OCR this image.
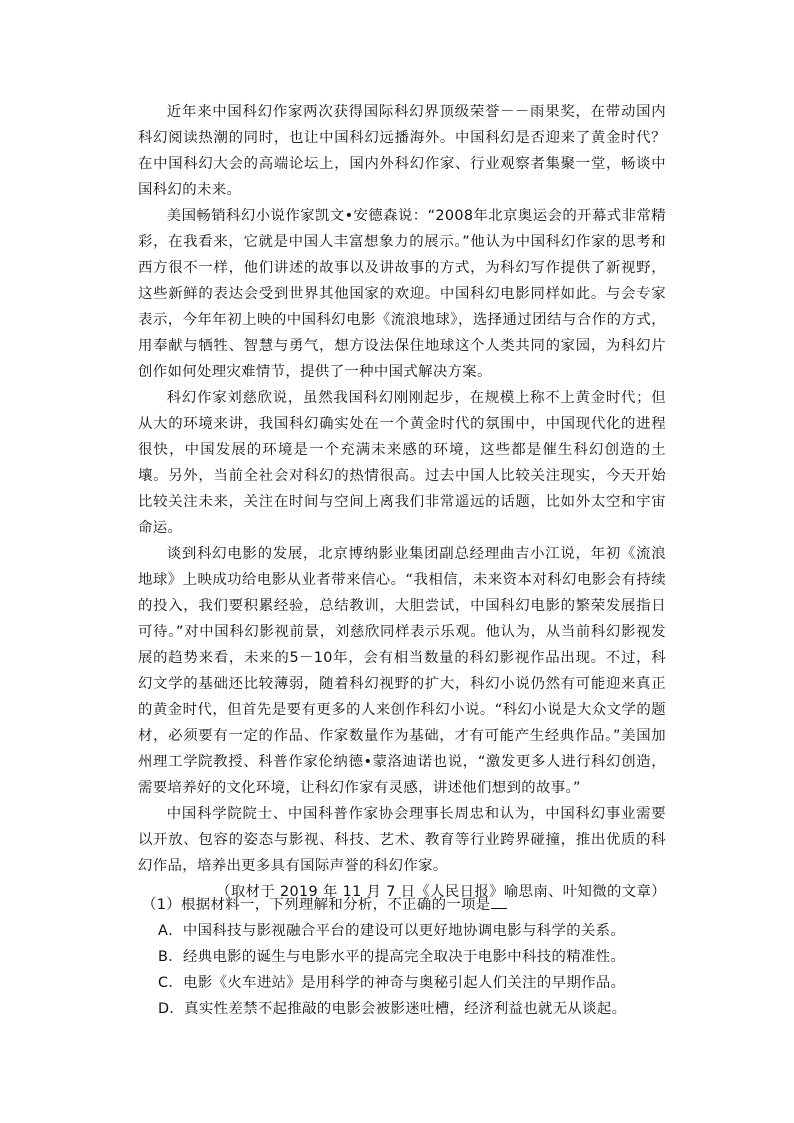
近年来中国科幻作家两次获得国际科幻界顶级荣誉－－雨果奖，在带动国内科幻阅读热潮的同时，也让中国科幻远播海外。中国科幻是否迎来了黄金时代？在中国科幻大会的高端论坛上，国内外科幻作家、行业观察者集聚一堂，畅谈中国科幻的未来。

美国畅销科幻小说作家凯文•安德森说：“2008年北京奥运会的开幕式非常精彩，在我看来，它就是中国人丰富想象力的展示。”他认为中国科幻作家的思考和西方很不一样，他们讲述的故事以及讲故事的方式，为科幻写作提供了新视野，这些新鲜的表达会受到世界其他国家的欢迎。中国科幻电影同样如此。与会专家表示，今年年初上映的中国科幻电影《流浪地球》，选择通过团结与合作的方式，用奉献与牺牲、智慧与勇气，想方设法保住地球这个人类共同的家园，为科幻片创作如何处理灾难情节，提供了一种中国式解决方案。

科幻作家刘慈欣说，虽然我国科幻刚刚起步，在规模上称不上黄金时代；但从大的环境来讲，我国科幻确实处在一个黄金时代的氛围中，中国现代化的进程很快，中国发展的环境是一个充满未来感的环境，这些都是催生科幻创造的土壤。另外，当前全社会对科幻的热情很高。过去中国人比较关注现实，今天开始比较关注未来，关注在时间与空间上离我们非常遥远的话题，比如外太空和宇宙命运。

谈到科幻电影的发展，北京博纳影业集团副总经理曲吉小江说，年初《流浪地球》上映成功给电影从业者带来信心。“我相信，未来资本对科幻电影会有持续的投入，我们要积累经验，总结教训，大胆尝试，中国科幻电影的繁荣发展指日可待。”对中国科幻影视前景，刘慈欣同样表示乐观。他认为，从当前科幻影视发展的趋势来看，未来的5－10年，会有相当数量的科幻影视作品出现。不过，科幻文学的基础还比较薄弱，随着科幻视野的扩大，科幻小说仍然有可能迎来真正的黄金时代，但首先是要有更多的人来创作科幻小说。“科幻小说是大众文学的题材，必须要有一定的作品、作家数量作为基础，才有可能产生经典作品。”美国加州理工学院教授、科普作家伦纳德•蒙洛迪诺也说，“激发更多人进行科幻创造，需要培养好的文化环境，让科幻作家有灵感，讲述他们想到的故事。”

中国科学院院士、中国科普作家协会理事长周忠和认为，中国科幻事业需要以开放、包容的姿态与影视、科技、艺术、教育等行业跨界碰撞，推出优质的科幻作品，培养出更多具有国际声誉的科幻作家。

（取材于 2019 年 11 月 7 日《人民日报》喻思南、叶知微的文章）

（1）根据材料一，下列理解和分析，不正确的一项是

A．中国科技与影视融合平台的建设可以更好地协调电影与科学的关系。

B．经典电影的诞生与电影水平的提高完全取决于电影中科技的精准性。

C．电影《火车进站》是用科学的神奇与奥秘引起人们关注的早期作品。

D．真实性差禁不起推敲的电影会被影迷吐槽，经济利益也就无从谈起。
